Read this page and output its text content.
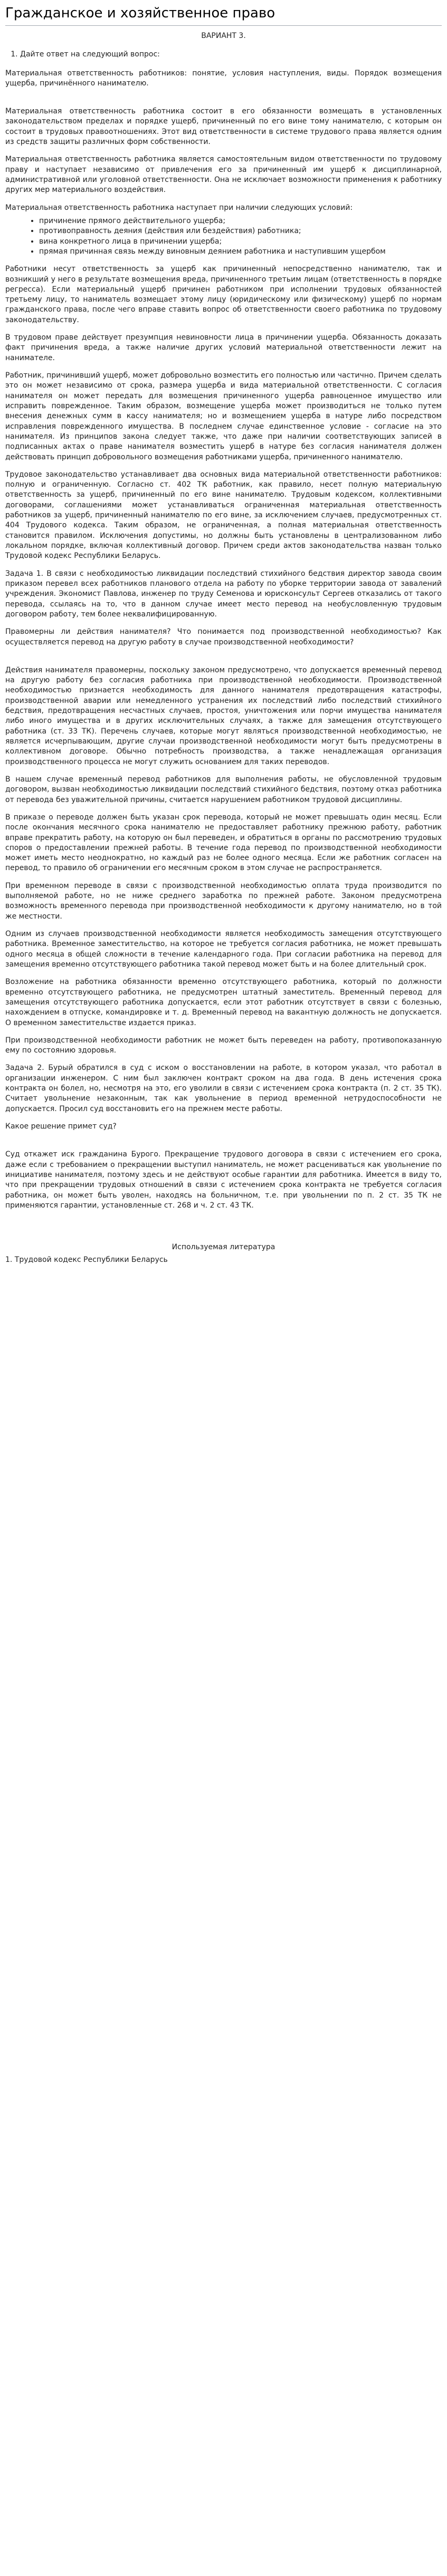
Гражданское и хозяйственное право
ВАРИАНТ 3.
1. Дайте ответ на следующий вопрос:

Материальная ответственность работников: понятие, условия наступления, виды. Порядок возмещения ущерба, причинённого нанимателю.

Материальная ответственность работника состоит в его обязанности возмещать в установленных законодательством пределах и порядке ущерб, причиненный по его вине тому нанимателю, с которым он состоит в трудовых правоотношениях. Этот вид ответственности в системе трудового права является одним из средств защиты различных форм собственности.

Материальная ответственность работника является самостоятельным видом ответственности по трудовому праву и наступает независимо от привлечения его за причиненный им ущерб к дисциплинарной, административной или уголовной ответственности. Она не исключает возможности применения к работнику других мер материального воздействия.

Материальная ответственность работника наступает при наличии следующих условий:

• причинение прямого действительного ущерба;
• противоправность деяния (действия или бездействия) работника;
• вина конкретного лица в причинении ущерба;
• прямая причинная связь между виновным деянием работника и наступившим ущербом

Работники несут ответственность за ущерб как причиненный непосредственно нанимателю, так и возникший у него в результате возмещения вреда, причиненного третьим лицам (ответственность в порядке регресса). Если материальный ущерб причинен работником при исполнении трудовых обязанностей третьему лицу, то наниматель возмещает этому лицу (юридическому или физическому) ущерб по нормам гражданского права, после чего вправе ставить вопрос об ответственности своего работника по трудовому законодательству.

В трудовом праве действует презумпция невиновности лица в причинении ущерба. Обязанность доказать факт причинения вреда, а также наличие других условий материальной ответственности лежит на нанимателе.

Работник, причинивший ущерб, может добровольно возместить его полностью или частично. Причем сделать это он может независимо от срока, размера ущерба и вида материальной ответственности. С согласия нанимателя он может передать для возмещения причиненного ущерба равноценное имущество или исправить поврежденное. Таким образом, возмещение ущерба может производиться не только путем внесения денежных сумм в кассу нанимателя; но и возмещением ущерба в натуре либо посредством исправления поврежденного имущества. В последнем случае единственное условие - согласие на это нанимателя. Из принципов закона следует также, что даже при наличии соответствующих записей в подписанных актах о праве нанимателя возместить ущерб в натуре без согласия нанимателя должен действовать принцип добровольного возмещения работниками ущерба, причиненного нанимателю.

Трудовое законодательство устанавливает два основных вида материальной ответственности работников: полную и ограниченную. Согласно ст. 402 ТК работник, как правило, несет полную материальную ответственность за ущерб, причиненный по его вине нанимателю. Трудовым кодексом, коллективными договорами, соглашениями может устанавливаться ограниченная материальная ответственность работников за ущерб, причиненный нанимателю по его вине, за исключением случаев, предусмотренных ст. 404 Трудового кодекса. Таким образом, не ограниченная, а полная материальная ответственность становится правилом. Исключения допустимы, но должны быть установлены в централизованном либо локальном порядке, включая коллективный договор. Причем среди актов законодательства назван только Трудовой кодекс Республики Беларусь.

Задача 1. В связи с необходимостью ликвидации последствий стихийного бедствия директор завода своим приказом перевел всех работников планового отдела на работу по уборке территории завода от завалений учреждения. Экономист Павлова, инженер по труду Семенова и юрисконсульт Сергеев отказались от такого перевода, ссылаясь на то, что в данном случае имеет место перевод на необусловленную трудовым договором работу, тем более неквалифицированную.

Правомерны ли действия нанимателя? Что понимается под производственной необходимостью? Как осуществляется перевод на другую работу в случае производственной необходимости?

Действия нанимателя правомерны, поскольку законом предусмотрено, что допускается временный перевод на другую работу без согласия работника при производственной необходимости. Производственной необходимостью признается необходимость для данного нанимателя предотвращения катастрофы, производственной аварии или немедленного устранения их последствий либо последствий стихийного бедствия, предотвращения несчастных случаев, простоя, уничтожения или порчи имущества нанимателя либо иного имущества и в других исключительных случаях, а также для замещения отсутствующего работника (ст. 33 ТК). Перечень случаев, которые могут являться производственной необходимостью, не является исчерпывающим, другие случаи производственной необходимости могут быть предусмотрены в коллективном договоре. Обычно потребность производства, а также ненадлежащая организация производственного процесса не могут служить основанием для таких переводов.

В нашем случае временный перевод работников для выполнения работы, не обусловленной трудовым договором, вызван необходимостью ликвидации последствий стихийного бедствия, поэтому отказ работника от перевода без уважительной причины, считается нарушением работником трудовой дисциплины.

В приказе о переводе должен быть указан срок перевода, который не может превышать один месяц. Если после окончания месячного срока нанимателю не предоставляет работнику прежнюю работу, работник вправе прекратить работу, на которую он был переведен, и обратиться в органы по рассмотрению трудовых споров о предоставлении прежней работы. В течение года перевод по производственной необходимости может иметь место неоднократно, но каждый раз не более одного месяца. Если же работник согласен на перевод, то правило об ограничении его месячным сроком в этом случае не распространяется.

При временном переводе в связи с производственной необходимостью оплата труда производится по выполняемой работе, но не ниже среднего заработка по прежней работе. Законом предусмотрена возможность временного перевода при производственной необходимости к другому нанимателю, но в той же местности.

Одним из случаев производственной необходимости является необходимость замещения отсутствующего работника. Временное заместительство, на которое не требуется согласия работника, не может превышать одного месяца в общей сложности в течение календарного года. При согласии работника на перевод для замещения временно отсутствующего работника такой перевод может быть и на более длительный срок.

Возложение на работника обязанности временно отсутствующего работника, который по должности временно отсутствующего работника, не предусмотрен штатный заместитель. Временный перевод для замещения отсутствующего работника допускается, если этот работник отсутствует в связи с болезнью, нахождением в отпуске, командировке и т. д. Временный перевод на вакантную должность не допускается. О временном заместительстве издается приказ.

При производственной необходимости работник не может быть переведен на работу, противопоказанную ему по состоянию здоровья.

Задача 2. Бурый обратился в суд с иском о восстановлении на работе, в котором указал, что работал в организации инженером. С ним был заключен контракт сроком на два года. В день истечения срока контракта он болел, но, несмотря на это, его уволили в связи с истечением срока контракта (п. 2 ст. 35 ТК). Считает увольнение незаконным, так как увольнение в период временной нетрудоспособности не допускается. Просил суд восстановить его на прежнем месте работы.

Какое решение примет суд?

Суд откажет иск гражданина Бурого. Прекращение трудового договора в связи с истечением его срока, даже если с требованием о прекращении выступил наниматель, не может расцениваться как увольнение по инициативе нанимателя, поэтому здесь и не действуют особые гарантии для работника. Имеется в виду то, что при прекращении трудовых отношений в связи с истечением срока контракта не требуется согласия работника, он может быть уволен, находясь на больничном, т.е. при увольнении по п. 2 ст. 35 ТК не применяются гарантии, установленные ст. 268 и ч. 2 ст. 43 ТК.

Используемая литература
1. Трудовой кодекс Республики Беларусь
